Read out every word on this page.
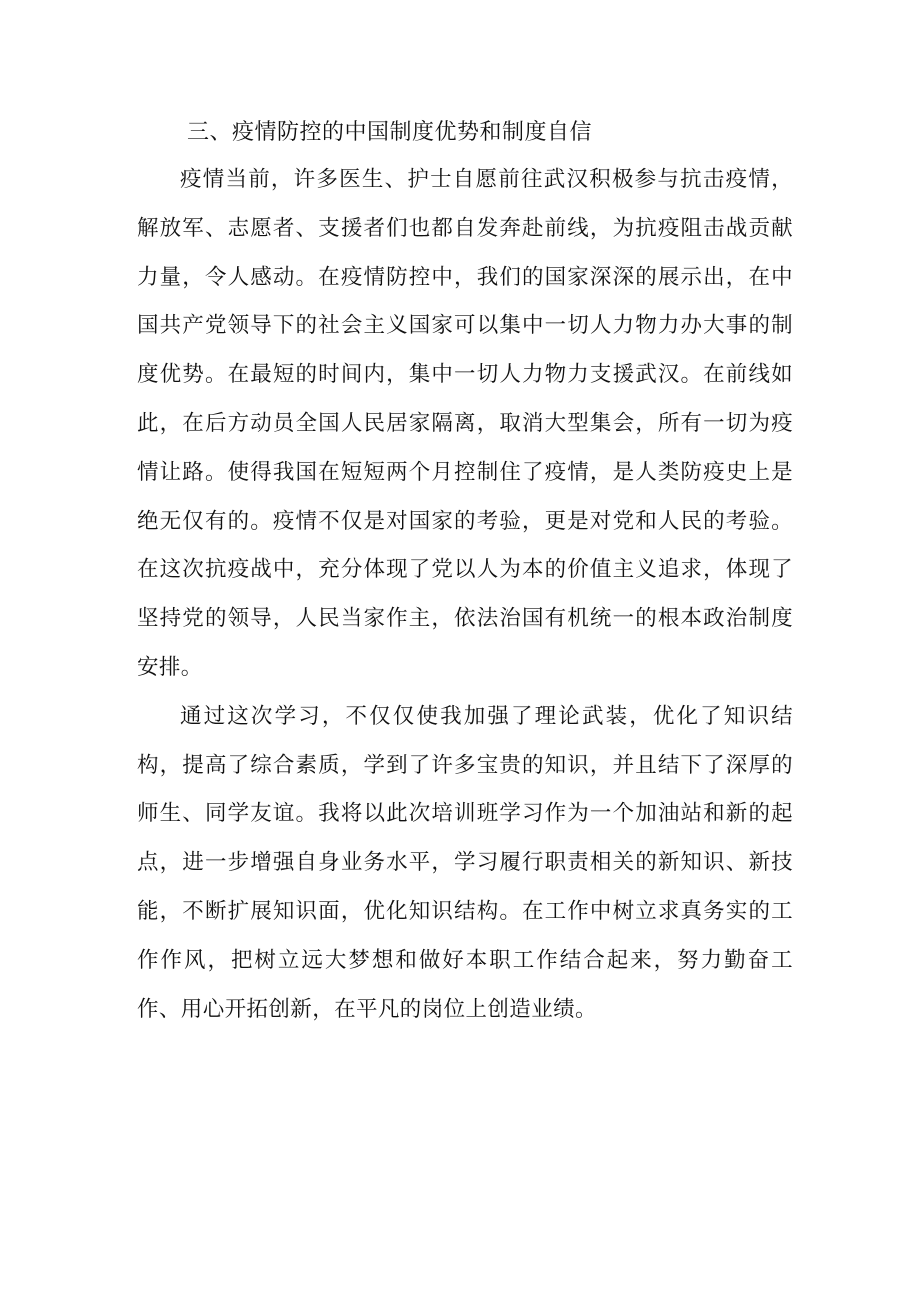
三、疫情防控的中国制度优势和制度自信

疫情当前，许多医生、护士自愿前往武汉积极参与抗击疫情，解放军、志愿者、支援者们也都自发奔赴前线，为抗疫阻击战贡献力量，令人感动。在疫情防控中，我们的国家深深的展示出，在中国共产党领导下的社会主义国家可以集中一切人力物力办大事的制度优势。在最短的时间内，集中一切人力物力支援武汉。在前线如此，在后方动员全国人民居家隔离，取消大型集会，所有一切为疫情让路。使得我国在短短两个月控制住了疫情，是人类防疫史上是绝无仅有的。疫情不仅是对国家的考验，更是对党和人民的考验。在这次抗疫战中，充分体现了党以人为本的价值主义追求，体现了坚持党的领导，人民当家作主，依法治国有机统一的根本政治制度安排。

通过这次学习，不仅仅使我加强了理论武装，优化了知识结构，提高了综合素质，学到了许多宝贵的知识，并且结下了深厚的师生、同学友谊。我将以此次培训班学习作为一个加油站和新的起点，进一步增强自身业务水平，学习履行职责相关的新知识、新技能，不断扩展知识面，优化知识结构。在工作中树立求真务实的工作作风，把树立远大梦想和做好本职工作结合起来，努力勤奋工作、用心开拓创新，在平凡的岗位上创造业绩。
